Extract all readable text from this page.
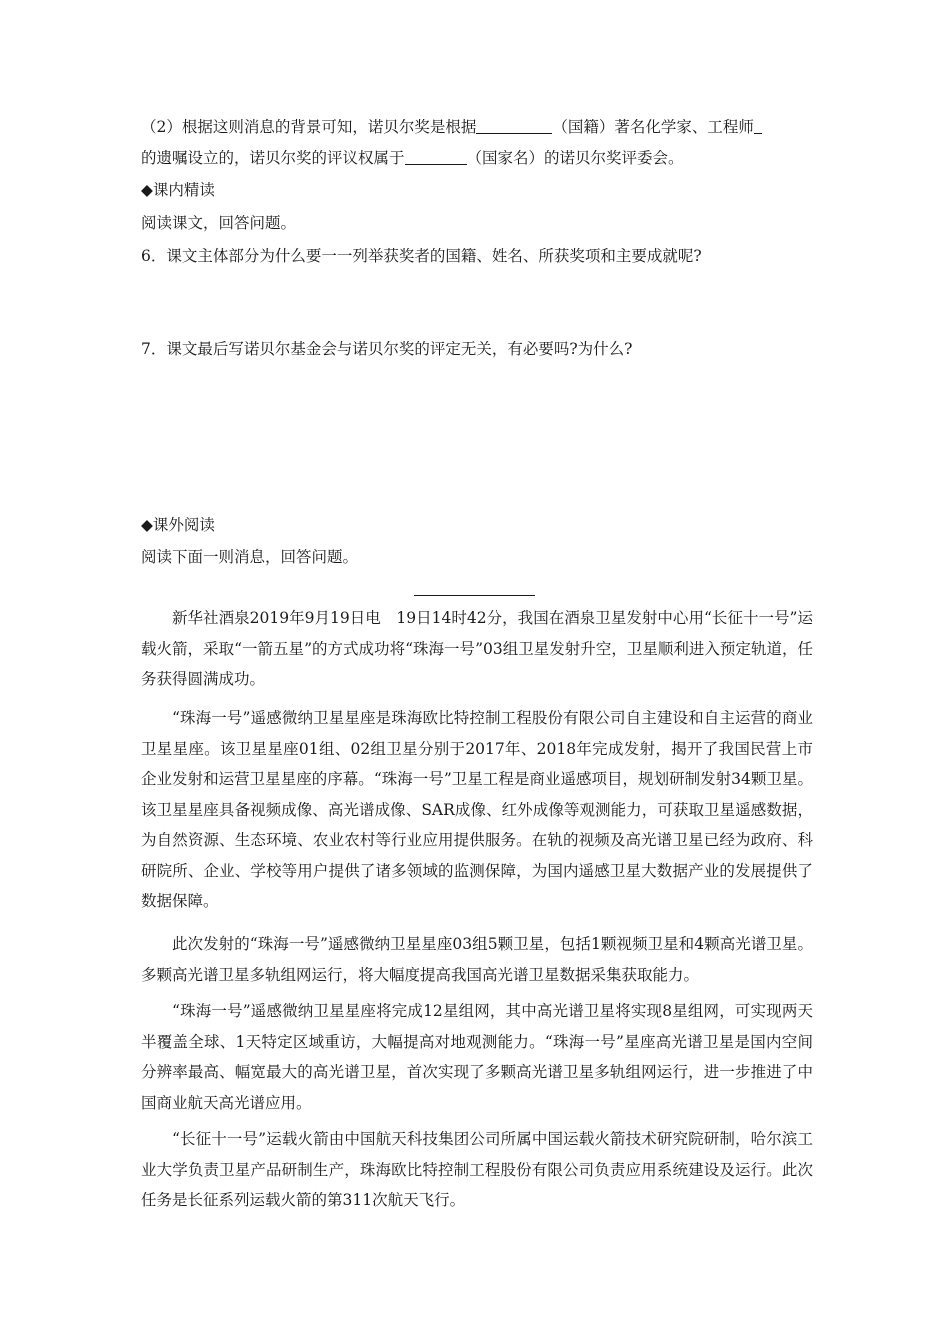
（2）根据这则消息的背景可知，诺贝尔奖是根据	（国籍）著名化学家、工程师
的遗嘱设立的，诺贝尔奖的评议权属于	（国家名）的诺贝尔奖评委会。
◆课内精读
阅读课文，回答问题。
6．课文主体部分为什么要一一列举获奖者的国籍、姓名、所获奖项和主要成就呢?
7．课文最后写诺贝尔基金会与诺贝尔奖的评定无关，有必要吗?为什么?
◆课外阅读
阅读下面一则消息，回答问题。
新华社酒泉2019年9月19日电　19日14时42分，我国在酒泉卫星发射中心用“长征十一号”运载火箭，采取“一箭五星”的方式成功将“珠海一号”03组卫星发射升空，卫星顺利进入预定轨道，任务获得圆满成功。
“珠海一号”遥感微纳卫星星座是珠海欧比特控制工程股份有限公司自主建设和自主运营的商业卫星星座。该卫星星座01组、02组卫星分别于2017年、2018年完成发射，揭开了我国民营上市企业发射和运营卫星星座的序幕。“珠海一号”卫星工程是商业遥感项目，规划研制发射34颗卫星。该卫星星座具备视频成像、高光谱成像、SAR成像、红外成像等观测能力，可获取卫星遥感数据，为自然资源、生态环境、农业农村等行业应用提供服务。在轨的视频及高光谱卫星已经为政府、科研院所、企业、学校等用户提供了诸多领域的监测保障，为国内遥感卫星大数据产业的发展提供了数据保障。
此次发射的“珠海一号”遥感微纳卫星星座03组5颗卫星，包括1颗视频卫星和4颗高光谱卫星。多颗高光谱卫星多轨组网运行，将大幅度提高我国高光谱卫星数据采集获取能力。
“珠海一号”遥感微纳卫星星座将完成12星组网，其中高光谱卫星将实现8星组网，可实现两天半覆盖全球、1天特定区域重访，大幅提高对地观测能力。“珠海一号”星座高光谱卫星是国内空间分辨率最高、幅宽最大的高光谱卫星，首次实现了多颗高光谱卫星多轨组网运行，进一步推进了中国商业航天高光谱应用。
“长征十一号”运载火箭由中国航天科技集团公司所属中国运载火箭技术研究院研制，哈尔滨工业大学负责卫星产品研制生产，珠海欧比特控制工程股份有限公司负责应用系统建设及运行。此次任务是长征系列运载火箭的第311次航天飞行。
